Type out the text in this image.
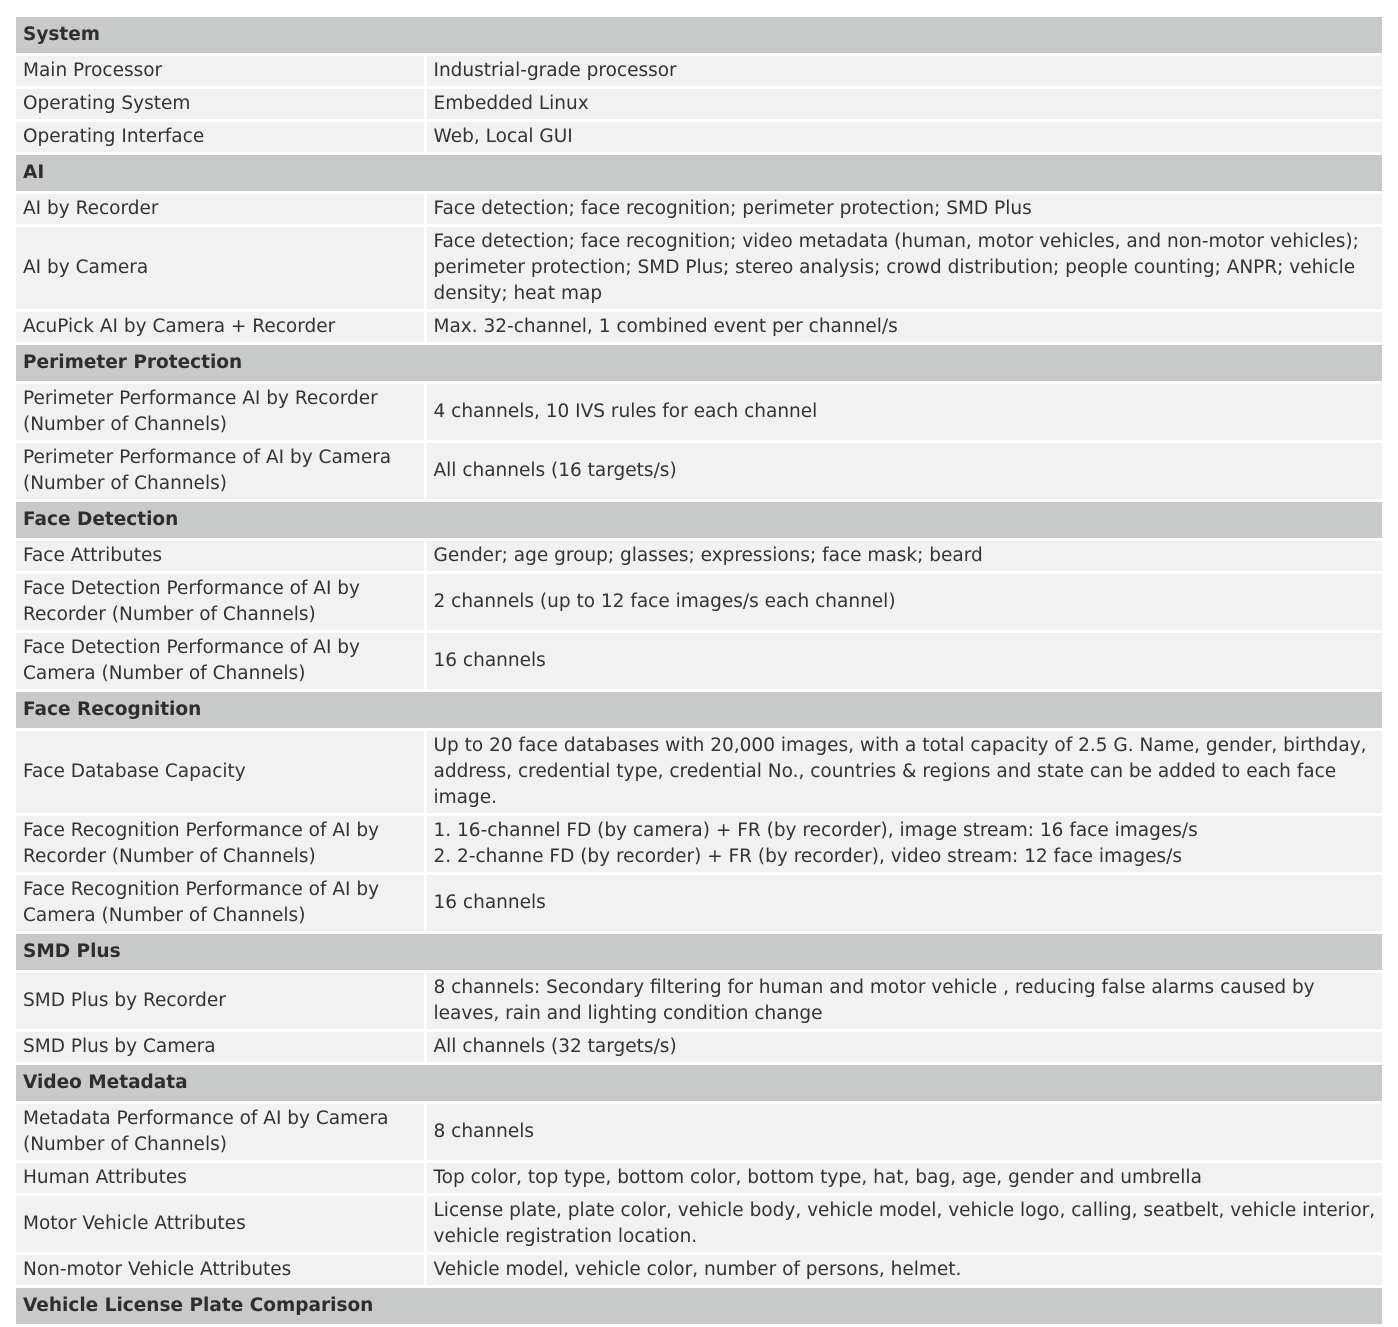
System	
Main Processor	Industrial-grade processor
Operating System	Embedded Linux
Operating Interface	Web, Local GUI
AI	
AI by Recorder	Face detection; face recognition; perimeter protection; SMD Plus
AI by Camera	Face detection; face recognition; video metadata (human, motor vehicles, and non-motor vehicles); perimeter protection; SMD Plus; stereo analysis; crowd distribution; people counting; ANPR; vehicle density; heat map
AcuPick AI by Camera + Recorder	Max. 32-channel, 1 combined event per channel/s
Perimeter Protection	
Perimeter Performance AI by Recorder (Number of Channels)	4 channels, 10 IVS rules for each channel
Perimeter Performance of AI by Camera (Number of Channels)	All channels (16 targets/s)
Face Detection	
Face Attributes	Gender; age group; glasses; expressions; face mask; beard
Face Detection Performance of AI by Recorder (Number of Channels)	2 channels (up to 12 face images/s each channel)
Face Detection Performance of AI by Camera (Number of Channels)	16 channels
Face Recognition	
Face Database Capacity	Up to 20 face databases with 20,000 images, with a total capacity of 2.5 G. Name, gender, birthday, address, credential type, credential No., countries & regions and state can be added to each face image.
Face Recognition Performance of AI by Recorder (Number of Channels)	1. 16-channel FD (by camera) + FR (by recorder), image stream: 16 face images/s
2. 2-channe FD (by recorder) + FR (by recorder), video stream: 12 face images/s

Face Recognition Performance of AI by Camera (Number of Channels)	16 channels
SMD Plus	
SMD Plus by Recorder	8 channels: Secondary filtering for human and motor vehicle , reducing false alarms caused by leaves, rain and lighting condition change
SMD Plus by Camera	All channels (32 targets/s)
Video Metadata	
Metadata Performance of AI by Camera (Number of Channels)	8 channels
Human Attributes	Top color, top type, bottom color, bottom type, hat, bag, age, gender and umbrella
Motor Vehicle Attributes	License plate, plate color, vehicle body, vehicle model, vehicle logo, calling, seatbelt, vehicle interior, vehicle registration location.
Non-motor Vehicle Attributes	Vehicle model, vehicle color, number of persons, helmet.
Vehicle License Plate Comparison	
